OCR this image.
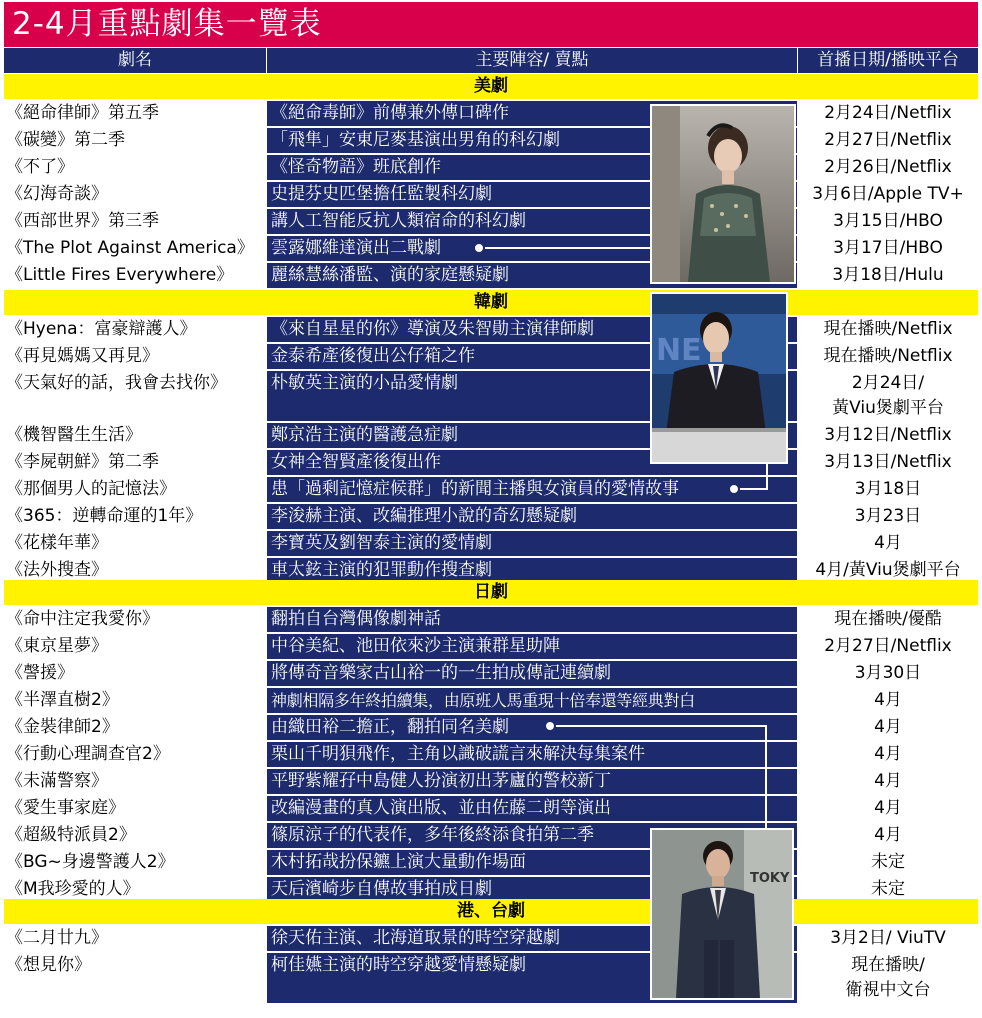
2-4月重點劇集一覽表
劇名	主要陣容/ 賣點	首播日期/播映平台
美劇
《絕命律師》第五季	《絕命毒師》前傳兼外傳口碑作	2月24日/Netflix
《碳變》第二季	「飛隼」安東尼麥基演出男角的科幻劇	2月27日/Netflix
《不了》	《怪奇物語》班底創作	2月26日/Netflix
《幻海奇談》	史提芬史匹堡擔任監製科幻劇	3月6日/Apple TV+
《西部世界》第三季	講人工智能反抗人類宿命的科幻劇	3月15日/HBO
《The Plot Against America》	雲露娜維達演出二戰劇	3月17日/HBO
《Little Fires Everywhere》	麗絲慧絲潘監、演的家庭懸疑劇	3月18日/Hulu
韓劇
《Hyena：富豪辯護人》	《來自星星的你》導演及朱智勛主演律師劇	現在播映/Netflix
《再見媽媽又再見》	金泰希產後復出公仔箱之作	現在播映/Netflix
《天氣好的話，我會去找你》	朴敏英主演的小品愛情劇	2月24日/
黃Viu煲劇平台
《機智醫生生活》	鄭京浩主演的醫護急症劇	3月12日/Netflix
《李屍朝鮮》第二季	女神全智賢產後復出作	3月13日/Netflix
《那個男人的記憶法》	患「過剩記憶症候群」的新聞主播與女演員的愛情故事	3月18日
《365：逆轉命運的1年》	李浚赫主演、改編推理小說的奇幻懸疑劇	3月23日
《花樣年華》	李寶英及劉智泰主演的愛情劇	4月
《法外搜查》	車太鉉主演的犯罪動作搜查劇	4月/黃Viu煲劇平台
日劇
《命中注定我愛你》	翻拍自台灣偶像劇神話	現在播映/優酷
《東京星夢》	中谷美紀、池田依來沙主演兼群星助陣	2月27日/Netflix
《謦援》	將傳奇音樂家古山裕一的一生拍成傳記連續劇	3月30日
《半澤直樹2》	神劇相隔多年終拍續集，由原班人馬重現十倍奉還等經典對白	4月
《金裝律師2》	由織田裕二擔正，翻拍同名美劇	4月
《行動心理調查官2》	栗山千明狽飛作，主角以識破謊言來解決每集案件	4月
《未滿警察》	平野紫耀孖中島健人扮演初出茅廬的警校新丁	4月
《愛生事家庭》	改編漫畫的真人演出版、並由佐藤二朗等演出	4月
《超級特派員2》	篠原涼子的代表作，多年後終添食拍第二季	4月
《BG~身邊警護人2》	木村拓哉扮保鑣上演大量動作場面	未定
《M我珍愛的人》	天后濱崎步自傳故事拍成日劇	未定
港、台劇
《二月廿九》	徐天佑主演、北海道取景的時空穿越劇	3月2日/ ViuTV
《想見你》	柯佳嬿主演的時空穿越愛情懸疑劇	現在播映/
衛視中文台
NE
TOKY
